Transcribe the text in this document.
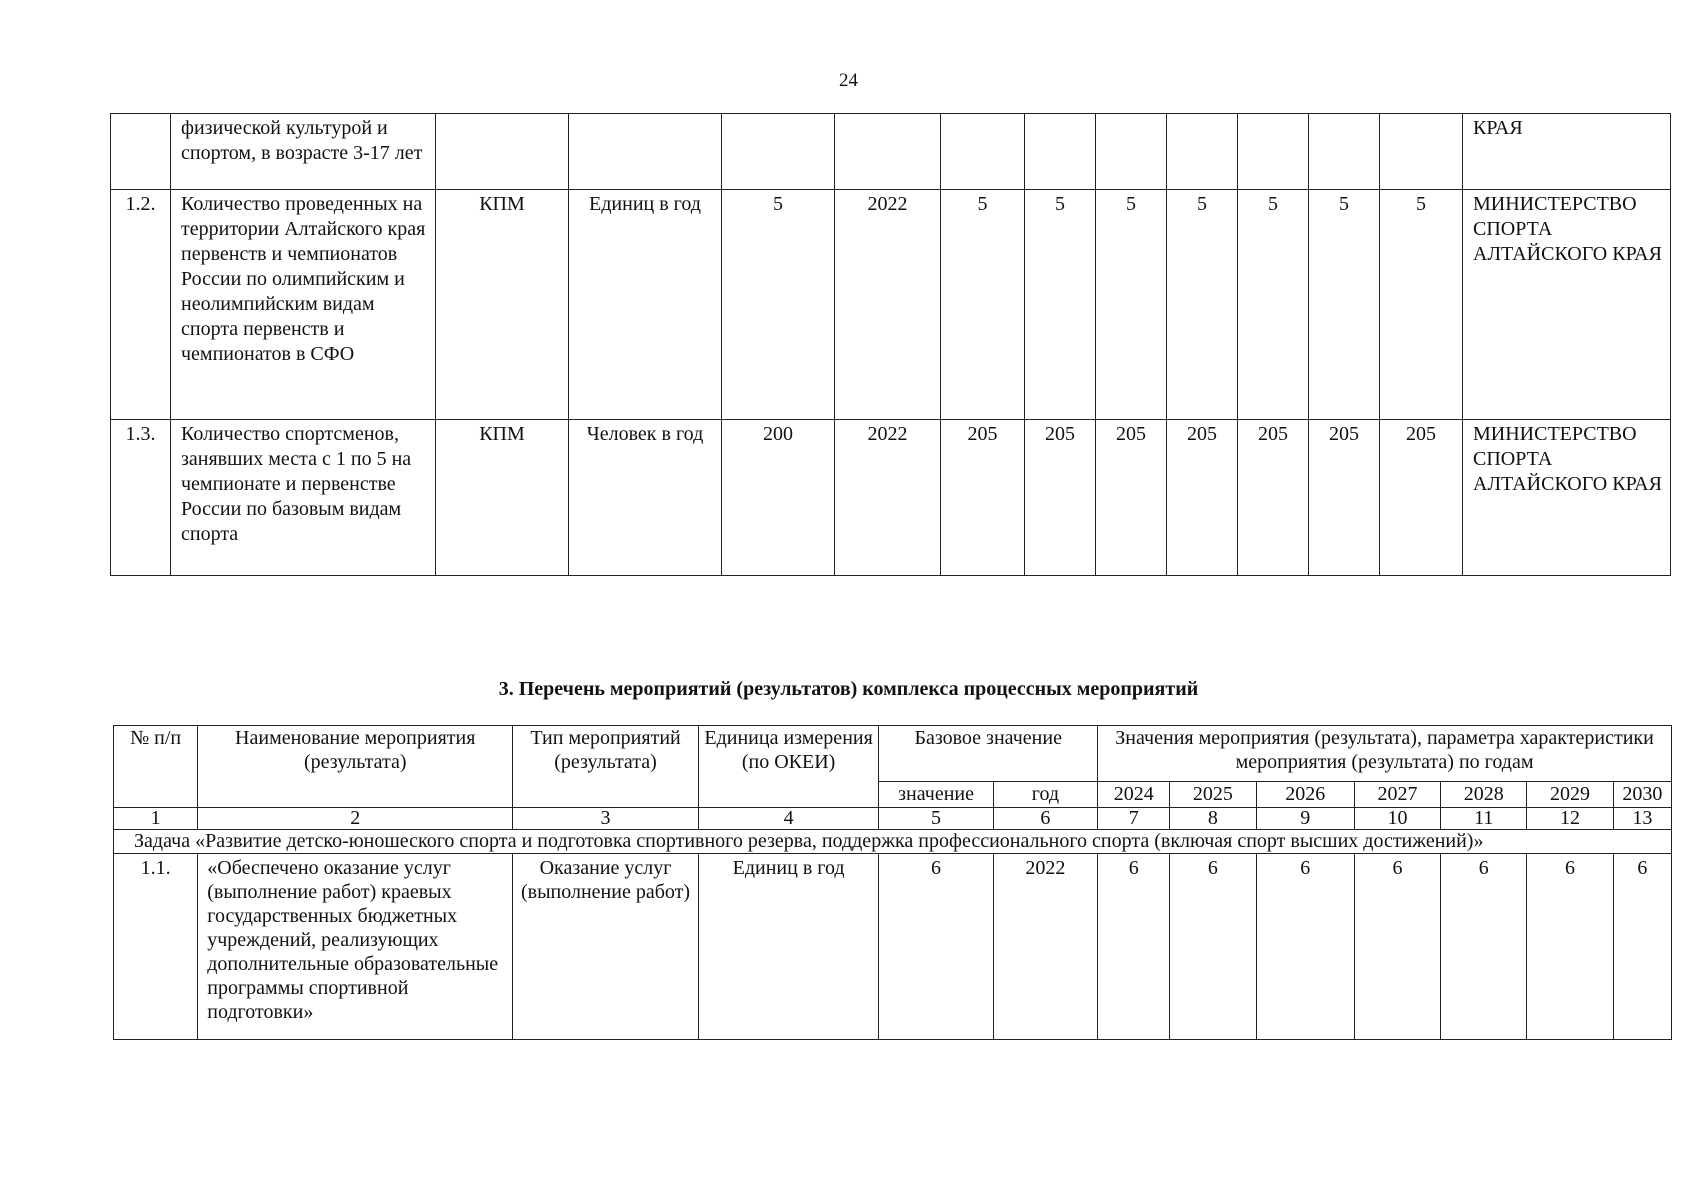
24
	физической культурой и спортом, в возрасте 3-17 лет												КРАЯ
1.2.	Количество проведенных на территории Алтайского края первенств и чемпионатов России по олимпийским и неолимпийским видам спорта первенств и чемпионатов в СФО	КПМ	Единиц в год	5	2022	5	5	5	5	5	5	5	МИНИСТЕРСТВО СПОРТА АЛТАЙСКОГО КРАЯ
1.3.	Количество спортсменов, занявших места с 1 по 5 на чемпионате и первенстве России по базовым видам спорта	КПМ	Человек в год	200	2022	205	205	205	205	205	205	205	МИНИСТЕРСТВО СПОРТА АЛТАЙСКОГО КРАЯ
3. Перечень мероприятий (результатов) комплекса процессных мероприятий
№ п/п	Наименование мероприятия (результата)	Тип мероприятий (результата)	Единица измерения (по ОКЕИ)	Базовое значение		Значения мероприятия (результата), параметра характеристики мероприятия (результата) по годам						
				значение	год	2024	2025	2026	2027	2028	2029	2030
1	2	3	4	5	6	7	8	9	10	11	12	13
Задача «Развитие детско-юношеского спорта и подготовка спортивного резерва, поддержка профессионального спорта (включая спорт высших достижений)»												
1.1.	«Обеспечено оказание услуг (выполнение работ) краевых государственных бюджетных учреждений, реализующих дополнительные образовательные программы спортивной подготовки»	Оказание услуг (выполнение работ)	Единиц в год	6	2022	6	6	6	6	6	6	6
